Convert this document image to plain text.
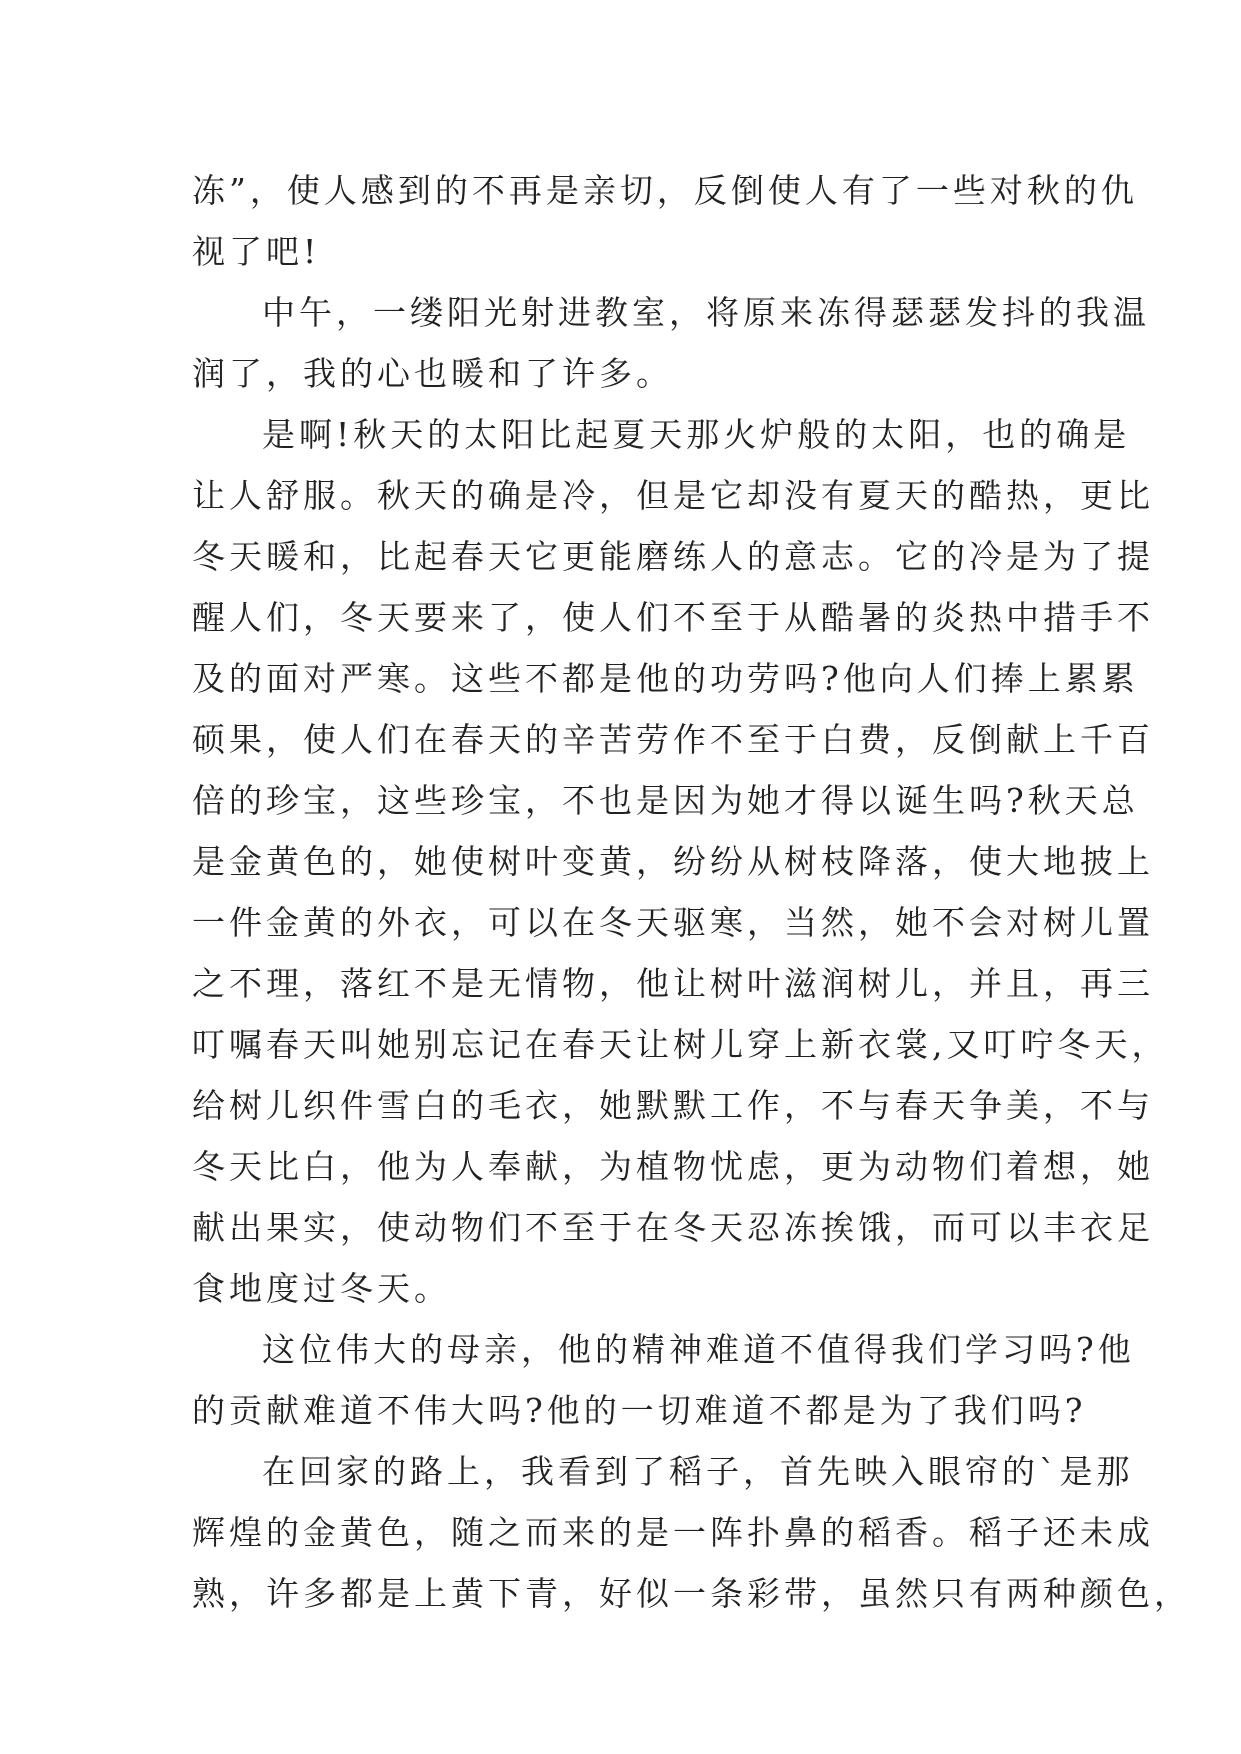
冻”，使人感到的不再是亲切，反倒使人有了一些对秋的仇
视了吧!
中午，一缕阳光射进教室，将原来冻得瑟瑟发抖的我温
润了，我的心也暖和了许多。
是啊!秋天的太阳比起夏天那火炉般的太阳，也的确是
让人舒服。秋天的确是冷，但是它却没有夏天的酷热，更比
冬天暖和，比起春天它更能磨练人的意志。它的冷是为了提
醒人们，冬天要来了，使人们不至于从酷暑的炎热中措手不
及的面对严寒。这些不都是他的功劳吗?他向人们捧上累累
硕果，使人们在春天的辛苦劳作不至于白费，反倒献上千百
倍的珍宝，这些珍宝，不也是因为她才得以诞生吗?秋天总
是金黄色的，她使树叶变黄，纷纷从树枝降落，使大地披上
一件金黄的外衣，可以在冬天驱寒，当然，她不会对树儿置
之不理，落红不是无情物，他让树叶滋润树儿，并且，再三
叮嘱春天叫她别忘记在春天让树儿穿上新衣裳,又叮咛冬天，
给树儿织件雪白的毛衣，她默默工作，不与春天争美，不与
冬天比白，他为人奉献，为植物忧虑，更为动物们着想，她
献出果实，使动物们不至于在冬天忍冻挨饿，而可以丰衣足
食地度过冬天。
这位伟大的母亲，他的精神难道不值得我们学习吗?他
的贡献难道不伟大吗?他的一切难道不都是为了我们吗?
在回家的路上，我看到了稻子，首先映入眼帘的`是那
辉煌的金黄色，随之而来的是一阵扑鼻的稻香。稻子还未成
熟，许多都是上黄下青，好似一条彩带，虽然只有两种颜色，
